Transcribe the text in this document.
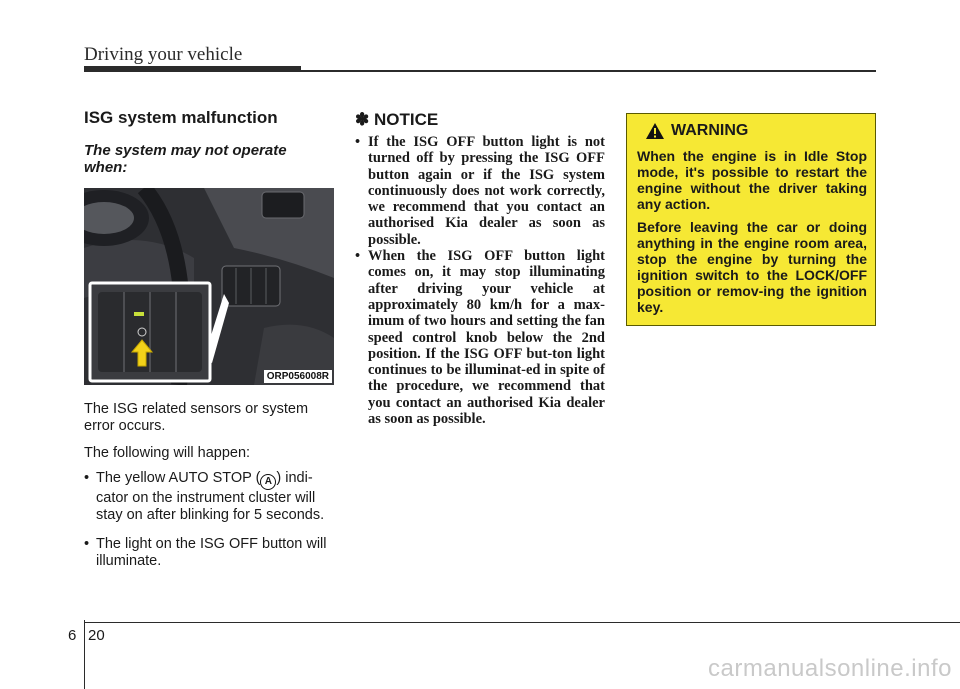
Driving your vehicle
ISG system malfunction
The system may not operate when:
ORP056008R

The ISG related sensors or system error occurs.

The following will happen:

• The yellow AUTO STOP ( A ) indi-cator on the instrument cluster will stay on after blinking for 5 seconds.
• The light on the ISG OFF button will illuminate.
✽ NOTICE
• If the ISG OFF button light is not turned off by pressing the ISG OFF button again or if the ISG system continuously does not work correctly, we recommend that you contact an authorised Kia dealer as soon as possible.
• When the ISG OFF button light comes on, it may stop illuminating after driving your vehicle at approximately 80 km/h for a max-imum of two hours and setting the fan speed control knob below the 2nd position. If the ISG OFF but-ton light continues to be illuminat-ed in spite of the procedure, we recommend that you contact an authorised Kia dealer as soon as possible.
WARNING

When the engine is in Idle Stop mode, it's possible to restart the engine without the driver taking any action.

Before leaving the car or doing anything in the engine room area, stop the engine by turning the ignition switch to the LOCK/OFF position or remov-ing the ignition key.

6 20
carmanualsonline.info
